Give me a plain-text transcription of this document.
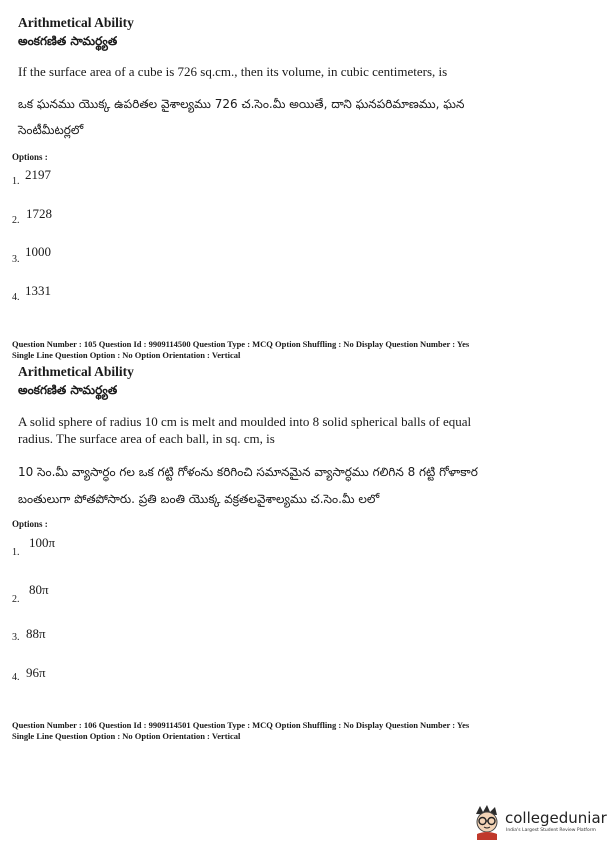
Arithmetical Ability
అంకగణిత సామర్థ్యత
If the surface area of a cube is 726 sq.cm., then its volume, in cubic centimeters, is
ఒక ఘనము యొక్క ఉపరితల వైశాల్యము 726 చ.సెం.మీ అయితే, దాని ఘనపరిమాణము, ఘన
సెంటీమీటర్లలో
Options :
1. 2197
2. 1728
3.
1000
4. 1331
Question Number : 105 Question Id : 9909114500 Question Type : MCQ Option Shuffling : No Display Question Number : Yes
Single Line Question Option : No Option Orientation : Vertical
Arithmetical Ability
అంకగణిత సామర్థ్యత
A solid sphere of radius 10 cm is melt and moulded into 8 solid spherical balls of equal
radius. The surface area of each ball, in sq. cm, is
10 సెం.మీ వ్యాసార్ధం గల ఒక గట్టి గోళంను కరిగించి సమానమైన వ్యాసార్ధము గలిగిన 8 గట్టి గోళాకార
బంతులుగా పోతపోసారు. ప్రతి బంతి యొక్క వక్రతలవైశాల్యము చ.సెం.మీ లలో
Options :
1.
100π
2.
80π
3. 88π
4. 96π
Question Number : 106 Question Id : 9909114501 Question Type : MCQ Option Shuffling : No Display Question Number : Yes
Single Line Question Option : No Option Orientation : Vertical
collegeduniar
India's Largest Student Review Platform
